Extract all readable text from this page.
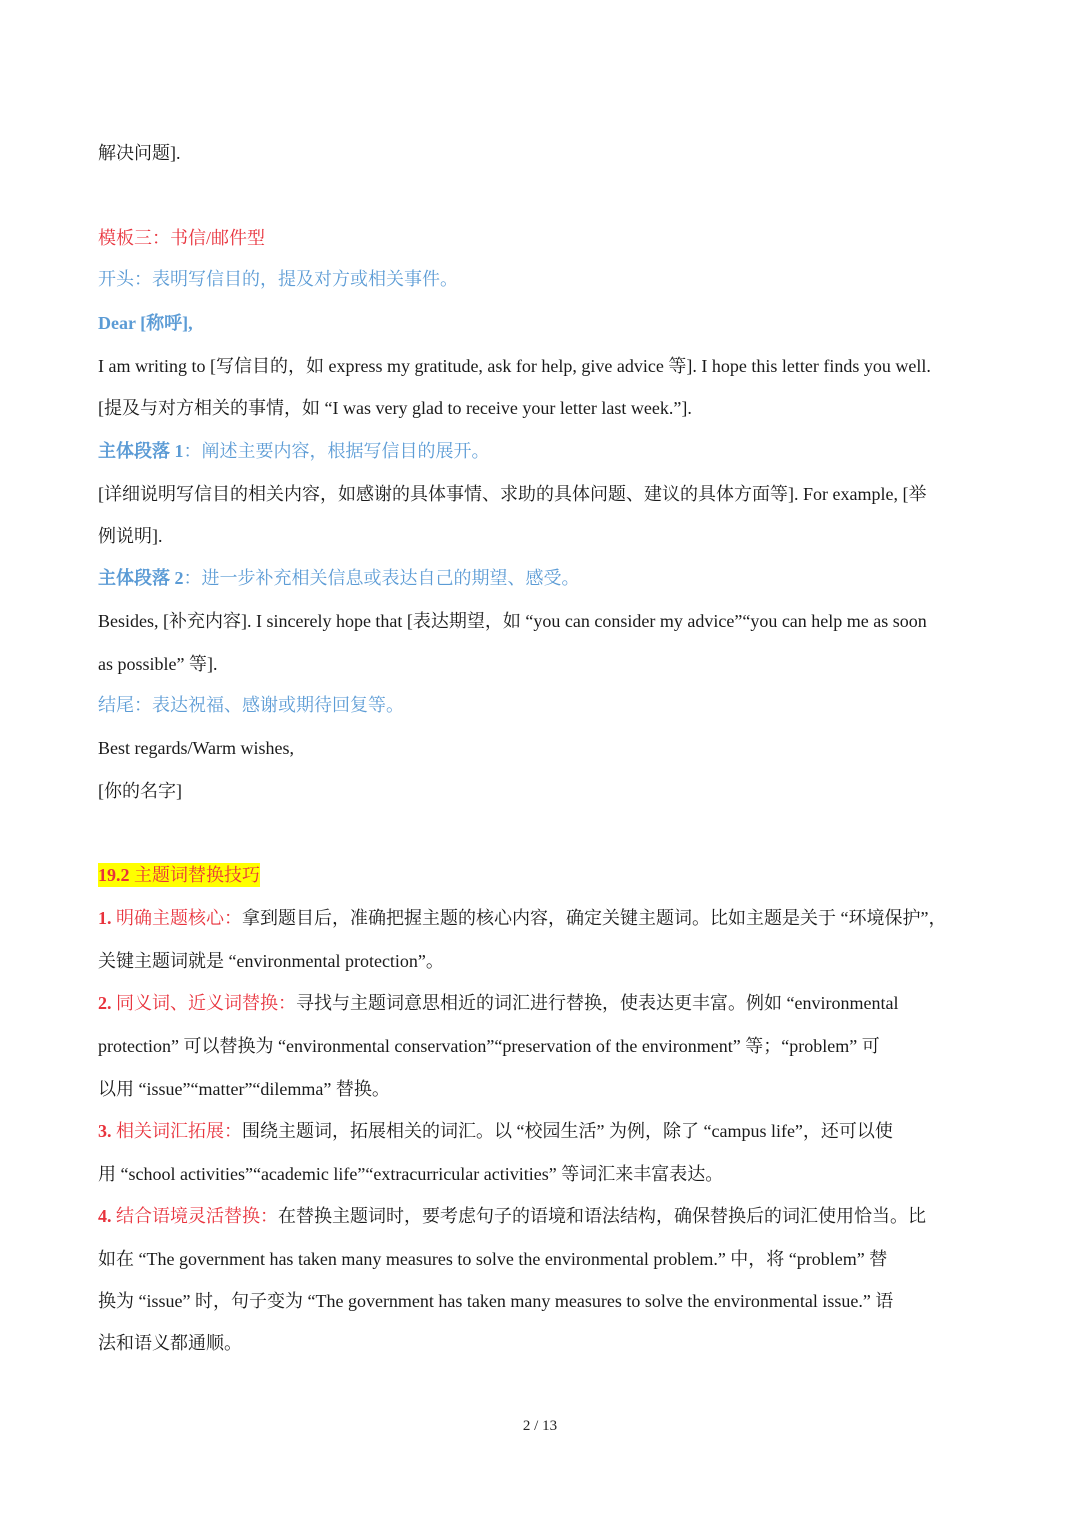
解决问题].
模板三：书信/邮件型
开头：表明写信目的，提及对方或相关事件。
Dear [称呼],
I am writing to [写信目的，如 express my gratitude, ask for help, give advice 等]. I hope this letter finds you well.
[提及与对方相关的事情，如 “I was very glad to receive your letter last week.”].
主体段落 1：阐述主要内容，根据写信目的展开。
[详细说明写信目的相关内容，如感谢的具体事情、求助的具体问题、建议的具体方面等]. For example, [举
例说明].
主体段落 2：进一步补充相关信息或表达自己的期望、感受。
Besides, [补充内容]. I sincerely hope that [表达期望，如 “you can consider my advice”“you can help me as soon
as possible” 等].
结尾：表达祝福、感谢或期待回复等。
Best regards/Warm wishes,
[你的名字]
19.2 主题词替换技巧
1. 明确主题核心：拿到题目后，准确把握主题的核心内容，确定关键主题词。比如主题是关于 “环境保护”，
关键主题词就是 “environmental protection”。
2. 同义词、近义词替换：寻找与主题词意思相近的词汇进行替换，使表达更丰富。例如 “environmental
protection” 可以替换为 “environmental conservation”“preservation of the environment” 等；“problem” 可
以用 “issue”“matter”“dilemma” 替换。
3. 相关词汇拓展：围绕主题词，拓展相关的词汇。以 “校园生活” 为例，除了 “campus life”，还可以使
用 “school activities”“academic life”“extracurricular activities” 等词汇来丰富表达。
4. 结合语境灵活替换：在替换主题词时，要考虑句子的语境和语法结构，确保替换后的词汇使用恰当。比
如在 “The government has taken many measures to solve the environmental problem.” 中，将 “problem” 替
换为 “issue” 时，句子变为 “The government has taken many measures to solve the environmental issue.” 语
法和语义都通顺。
2 / 13
